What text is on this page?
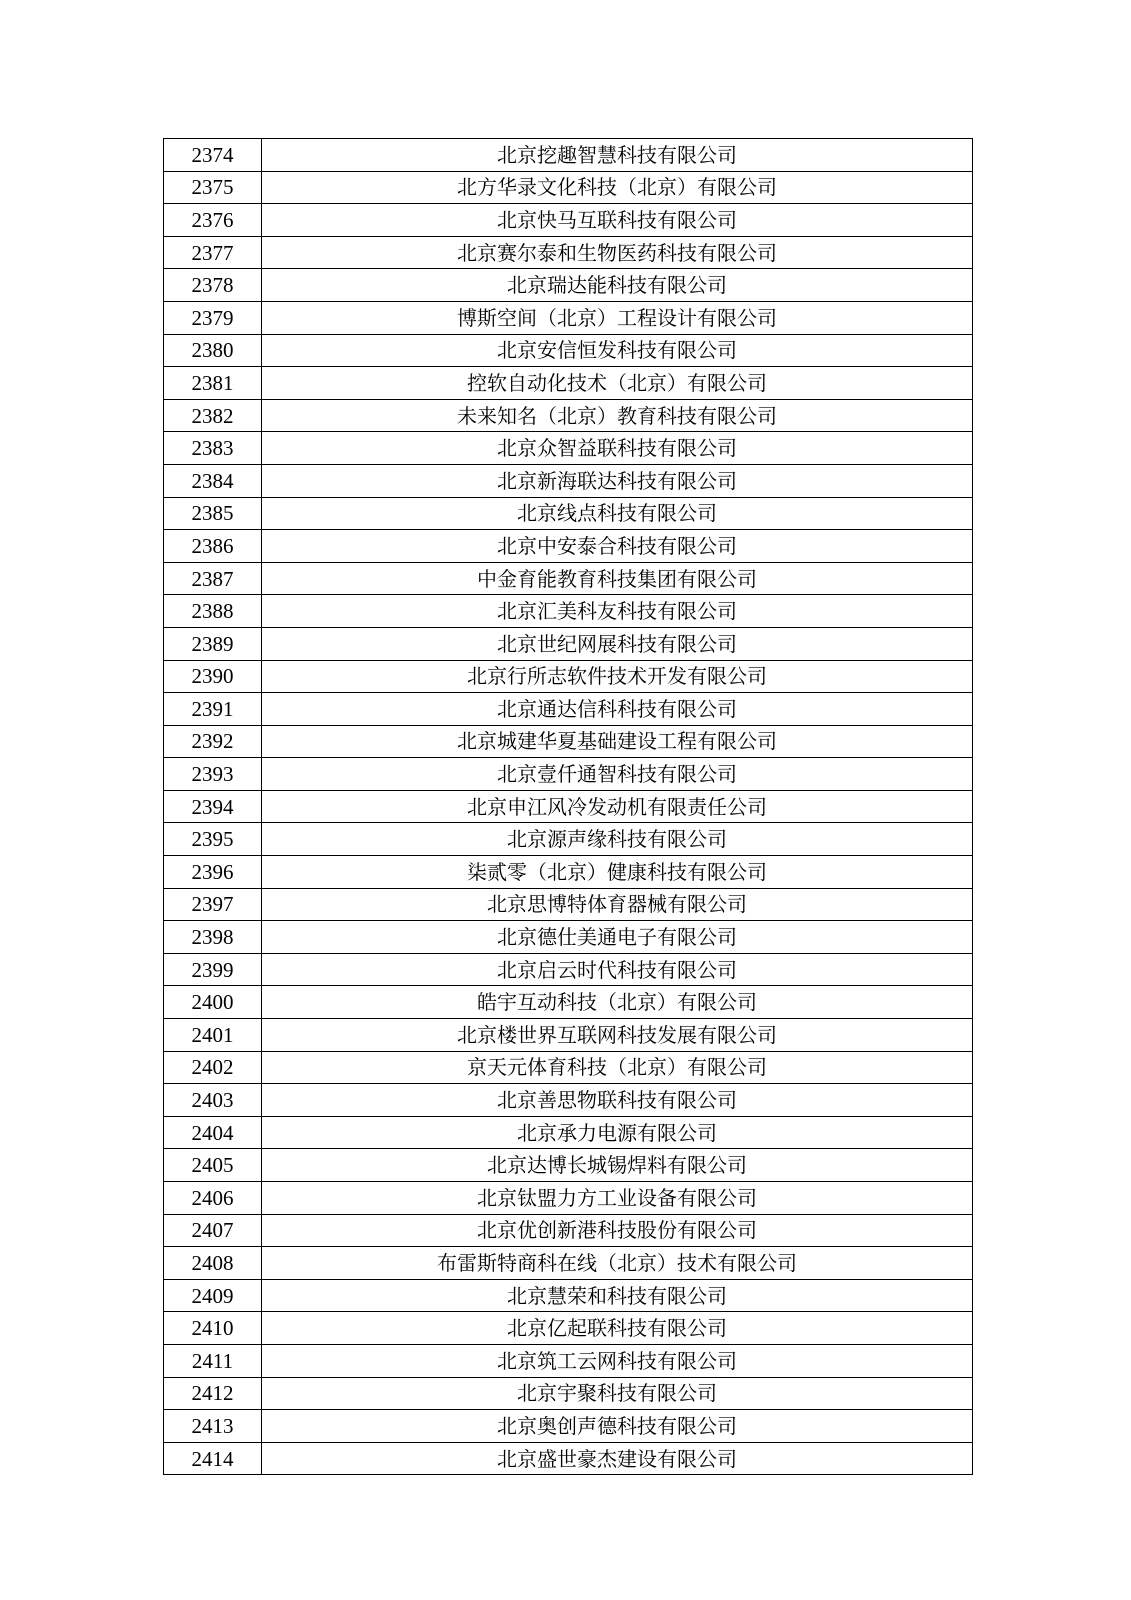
2374	北京挖趣智慧科技有限公司
2375	北方华录文化科技（北京）有限公司
2376	北京快马互联科技有限公司
2377	北京赛尔泰和生物医药科技有限公司
2378	北京瑞达能科技有限公司
2379	博斯空间（北京）工程设计有限公司
2380	北京安信恒发科技有限公司
2381	控软自动化技术（北京）有限公司
2382	未来知名（北京）教育科技有限公司
2383	北京众智益联科技有限公司
2384	北京新海联达科技有限公司
2385	北京线点科技有限公司
2386	北京中安泰合科技有限公司
2387	中金育能教育科技集团有限公司
2388	北京汇美科友科技有限公司
2389	北京世纪网展科技有限公司
2390	北京行所志软件技术开发有限公司
2391	北京通达信科科技有限公司
2392	北京城建华夏基础建设工程有限公司
2393	北京壹仟通智科技有限公司
2394	北京申江风冷发动机有限责任公司
2395	北京源声缘科技有限公司
2396	柒贰零（北京）健康科技有限公司
2397	北京思博特体育器械有限公司
2398	北京德仕美通电子有限公司
2399	北京启云时代科技有限公司
2400	皓宇互动科技（北京）有限公司
2401	北京楼世界互联网科技发展有限公司
2402	京天元体育科技（北京）有限公司
2403	北京善思物联科技有限公司
2404	北京承力电源有限公司
2405	北京达博长城锡焊料有限公司
2406	北京钛盟力方工业设备有限公司
2407	北京优创新港科技股份有限公司
2408	布雷斯特商科在线（北京）技术有限公司
2409	北京慧荣和科技有限公司
2410	北京亿起联科技有限公司
2411	北京筑工云网科技有限公司
2412	北京宇聚科技有限公司
2413	北京奥创声德科技有限公司
2414	北京盛世豪杰建设有限公司
